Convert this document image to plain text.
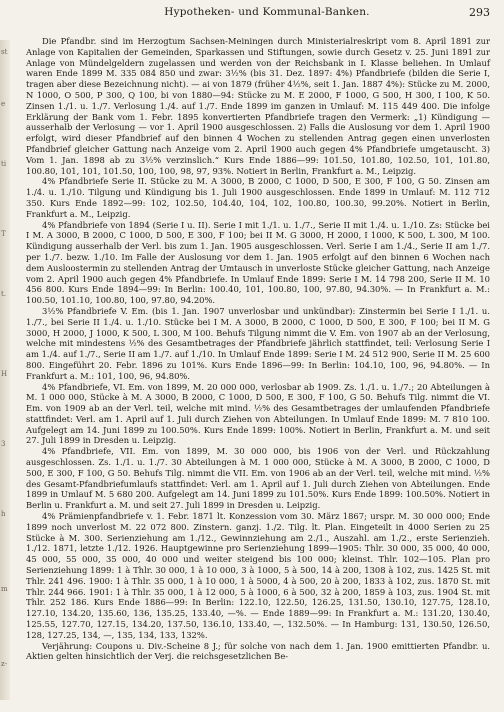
Hypotheken- und Kommunal-Banken.	293
st
e
ti
T
t.
H
3
h
m
z-

Die Pfandbr. sind im Herzogtum Sachsen-Meiningen durch Ministerialreskript vom 8. April 1891 zur Anlage von Kapitalien der Gemeinden, Sparkassen und Stiftungen, sowie durch Gesetz v. 25. Juni 1891 zur Anlage von Mündelgeldern zugelassen und werden von der Reichsbank in I. Klasse beliehen. In Umlauf waren Ende 1899 M. 335 084 850 und zwar: 3½% (bis 31. Dez. 1897: 4%) Pfandbriefe (bilden die Serie I, tragen aber diese Bezeichnung nicht). — ai von 1879 (früher 4½%, seit 1. Jan. 1887 4%): Stücke zu M. 2000, N 1000, O 500, P 300, Q 100, bi von 1880—94: Stücke zu M. E 2000, F 1000, G 500, H 300, I 100, K 50. Zinsen 1./1. u. 1./7. Verlosung 1./4. auf 1./7. Ende 1899 im ganzen in Umlauf: M. 115 449 400. Die infolge Erklärung der Bank vom 1. Febr. 1895 konvertierten Pfandbriefe tragen den Vermerk: „1) Kündigung — ausserhalb der Verlosung — vor 1. April 1900 ausgeschlossen. 2) Falls die Auslosung vor dem 1. April 1900 erfolgt, wird dieser Pfandbrief auf den binnen 4 Wochen zu stellenden Antrag gegen einen unverlosten Pfandbrief gleicher Gattung nach Anzeige vom 2. April 1900 auch gegen 4% Pfandbriefe umgetauscht. 3) Vom 1. Jan. 1898 ab zu 3½% verzinslich.“ Kurs Ende 1886—99: 101.50, 101.80, 102.50, 101, 101.80, 100.80, 101, 101, 101.50, 100, 100, 98, 97, 93%. Notiert in Berlin, Frankfurt a. M., Leipzig.

4% Pfandbriefe Serie II. Stücke zu M. A 3000, B 2000, C 1000, D 500, E 300, F 100, G 50. Zinsen am 1./4. u. 1./10. Tilgung und Kündigung bis 1. Juli 1900 ausgeschlossen. Ende 1899 in Umlauf: M. 112 712 350. Kurs Ende 1892—99: 102, 102.50, 104.40, 104, 102, 100.80, 100.30, 99.20%. Notiert in Berlin, Frankfurt a. M., Leipzig.

4% Pfandbriefe von 1894 (Serie I u. II). Serie I mit 1./1. u. 1./7., Serie II mit 1./4. u. 1./10. Zs: Stücke bei I M. A 3000, B 2000, C 1000, D 500, E 300, F 100; bei II M. G 3000, H 2000, I 1000, K 500, L 300, M 100. Kündigung ausserhalb der Verl. bis zum 1. Jan. 1905 ausgeschlossen. Verl. Serie I am 1./4., Serie II am 1./7. per 1./7. bezw. 1./10. Im Falle der Auslosung vor dem 1. Jan. 1905 erfolgt auf den binnen 6 Wochen nach dem Ausloostermin zu stellenden Antrag der Umtausch in unverloste Stücke gleicher Gattung, nach Anzeige vom 2. April 1900 auch gegen 4% Pfandbriefe. In Umlauf Ende 1899: Serie I M. 14 798 200, Serie II M. 10 456 800. Kurs Ende 1894—99: In Berlin: 100.40, 101, 100.80, 100, 97.80, 94.30%. — In Frankfurt a. M.: 100.50, 101.10, 100.80, 100, 97.80, 94.20%.

3½% Pfandbriefe V. Em. (bis 1. Jan. 1907 unverlosbar und unkündbar): Zinstermin bei Serie I 1./1. u. 1./7., bei Serie II 1./4. u. 1./10. Stücke bei I M. A 3000, B 2000, C 1000, D 500, E 300, F 100; bei II M. G 3000, H 2000, J 1000, K 500, L 300, M 100. Behufs Tilgung nimmt die V. Em. von 1907 ab an der Verlosung, welche mit mindestens ½% des Gesamtbetrages der Pfandbriefe jährlich stattfindet, teil: Verlosung Serie I am 1./4. auf 1./7., Serie II am 1./7. auf 1./10. In Umlauf Ende 1899: Serie I M. 24 512 900, Serie II M. 25 600 800. Eingeführt 20. Febr. 1896 zu 101%. Kurs Ende 1896—99: In Berlin: 104.10, 100, 96, 94.80%. — In Frankfurt a. M.: 101, 100, 96, 94.80%.

4% Pfandbriefe, VI. Em. von 1899, M. 20 000 000, verlosbar ab 1909. Zs. 1./1. u. 1./7.; 20 Abteilungen à M. 1 000 000, Stücke à M. A 3000, B 2000, C 1000, D 500, E 300, F 100, G 50. Behufs Tilg. nimmt die VI. Em. von 1909 ab an der Verl. teil, welche mit mind. ½% des Gesamtbetrages der umlaufenden Pfandbriefe stattfindet: Verl. am 1. April auf 1. Juli durch Ziehen von Abteilungen. In Umlauf Ende 1899: M. 7 810 100. Aufgelegt am 14. Juni 1899 zu 100.50%. Kurs Ende 1899: 100%. Notiert in Berlin, Frankfurt a. M. und seit 27. Juli 1899 in Dresden u. Leipzig.

4% Pfandbriefe, VII. Em. von 1899, M. 30 000 000, bis 1906 von der Verl. und Rückzahlung ausgeschlossen. Zs. 1./1. u. 1./7. 30 Abteilungen à M. 1 000 000, Stücke à M. A 3000, B 2000, C 1000, D 500, E 300, F 100, G 50. Behufs Tilg. nimmt die VII. Em. von 1906 ab an der Verl. teil, welche mit mind. ½% des Gesamt-Pfandbriefumlaufs stattfindet: Verl. am 1. April auf 1. Juli durch Ziehen von Abteilungen. Ende 1899 in Umlauf M. 5 680 200. Aufgelegt am 14. Juni 1899 zu 101.50%. Kurs Ende 1899: 100.50%. Notiert in Berlin u. Frankfurt a. M. und seit 27. Juli 1899 in Dresden u. Leipzig.

4% Prämienpfandbriefe v. 1. Febr. 1871 lt. Konzession vom 30. März 1867; urspr. M. 30 000 000; Ende 1899 noch unverlost M. 22 072 800. Zinstern. ganzj. 1./2. Tilg. lt. Plan. Eingeteilt in 4000 Serien zu 25 Stücke à M. 300. Serienziehung am 1./12., Gewinnziehung am 2./1., Auszahl. am 1./2., erste Serienzieh. 1./12. 1871, letzte 1./12. 1926. Hauptgewinne pro Serienziehung 1899—1905: Thlr. 30 000, 35 000, 40 000, 45 000, 55 000, 35 000, 40 000 und weiter steigend bis 100 000; kleinst. Thlr. 102—105. Plan pro Serienziehung 1899: 1 à Thlr. 30 000, 1 à 10 000, 3 à 1000, 5 à 500, 14 à 200, 1308 à 102, zus. 1425 St. mit Thlr. 241 496. 1900: 1 à Thlr. 35 000, 1 à 10 000, 1 à 5000, 4 à 500, 20 à 200, 1833 à 102, zus. 1870 St. mit Thlr. 244 966. 1901: 1 à Thlr. 35 000, 1 à 12 000, 5 à 1000, 6 à 500, 32 à 200, 1859 à 103, zus. 1904 St. mit Thlr. 252 186. Kurs Ende 1886—99: In Berlin: 122.10, 122.50, 126.25, 131.50, 130.10, 127.75, 128.10, 127.10, 134.20, 135.60, 136, 135.25, 133.40, —%. — Ende 1889—99: In Frankfurt a. M.: 131.20, 130.40, 125.55, 127.70, 127.15, 134.20, 137.50, 136.10, 133.40, —, 132.50%. — In Hamburg: 131, 130.50, 126.50, 128, 127.25, 134, —, 135, 134, 133, 132%.

Verjährung: Coupons u. Div.-Scheine 8 J.; für solche von nach dem 1. Jan. 1900 emittierten Pfandbr. u. Aktien gelten hinsichtlich der Verj. die reichsgesetzlichen Be-
